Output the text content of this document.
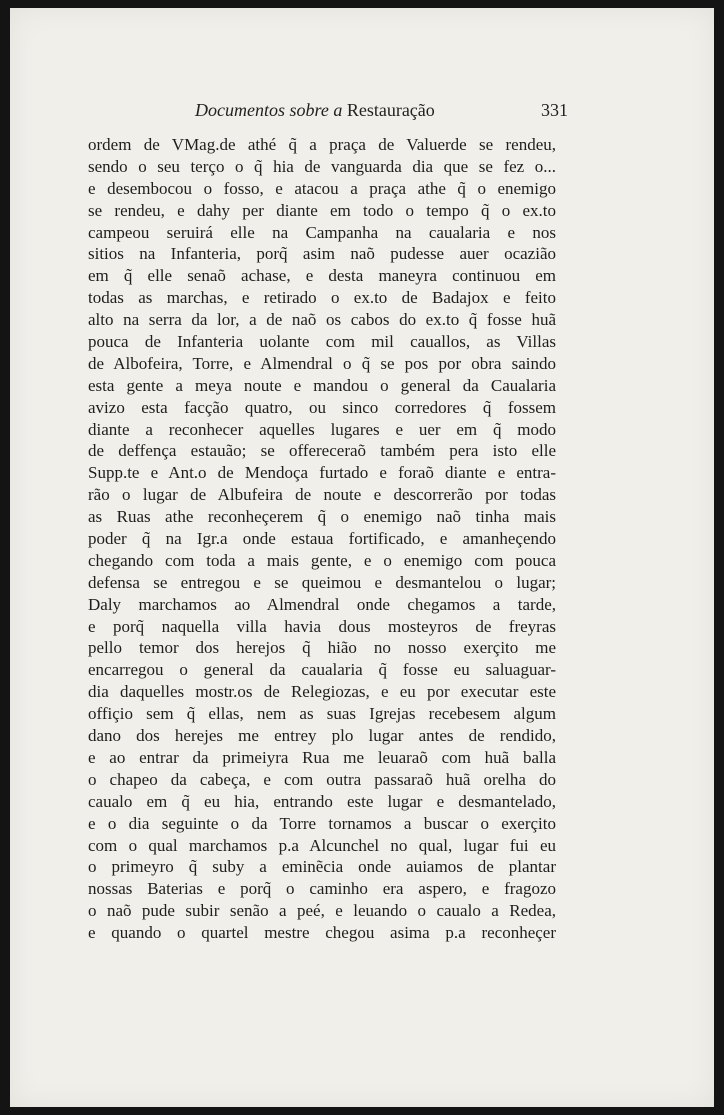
Documentos sobre a Restauração	331
ordem de VMag.de athé q̃ a praça de Valuerde se rendeu,
sendo o seu terço o q̃ hia de vanguarda dia que se fez o...
e desembocou o fosso, e atacou a praça athe q̃ o enemigo
se rendeu, e dahy per diante em todo o tempo q̃ o ex.to
campeou seruirá elle na Campanha na caualaria e nos
sitios na Infanteria, porq̃ asim naõ pudesse auer ocazião
em q̃ elle senaõ achase, e desta maneyra continuou em
todas as marchas, e retirado o ex.to de Badajox e feito
alto na serra da lor, a de naõ os cabos do ex.to q̃ fosse huã
pouca de Infanteria uolante com mil cauallos, as Villas
de Albofeira, Torre, e Almendral o q̃ se pos por obra saindo
esta gente a meya noute e mandou o general da Caualaria
avizo esta facção quatro, ou sinco corredores q̃ fossem
diante a reconhecer aquelles lugares e uer em q̃ modo
de deffença estauão; se offereceraõ também pera isto elle
Supp.te e Ant.o de Mendoça furtado e foraõ diante e entra-
rão o lugar de Albufeira de noute e descorrerão por todas
as Ruas athe reconheçerem q̃ o enemigo naõ tinha mais
poder q̃ na Igr.a onde estaua fortificado, e amanheçendo
chegando com toda a mais gente, e o enemigo com pouca
defensa se entregou e se queimou e desmantelou o lugar;
Daly marchamos ao Almendral onde chegamos a tarde,
e porq̃ naquella villa havia dous mosteyros de freyras
pello temor dos herejos q̃ hião no nosso exerçito me
encarregou o general da caualaria q̃ fosse eu saluaguar-
dia daquelles mostr.os de Relegiozas, e eu por executar este
offiçio sem q̃ ellas, nem as suas Igrejas recebesem algum
dano dos herejes me entrey plo lugar antes de rendido,
e ao entrar da primeiyra Rua me leuaraõ com huã balla
o chapeo da cabeça, e com outra passaraõ huã orelha do
caualo em q̃ eu hia, entrando este lugar e desmantelado,
e o dia seguinte o da Torre tornamos a buscar o exerçito
com o qual marchamos p.a Alcunchel no qual, lugar fui eu
o primeyro q̃ suby a eminẽcia onde auiamos de plantar
nossas Baterias e porq̃ o caminho era aspero, e fragozo
o naõ pude subir senão a peé, e leuando o caualo a Redea,
e quando o quartel mestre chegou asima p.a reconheçer
